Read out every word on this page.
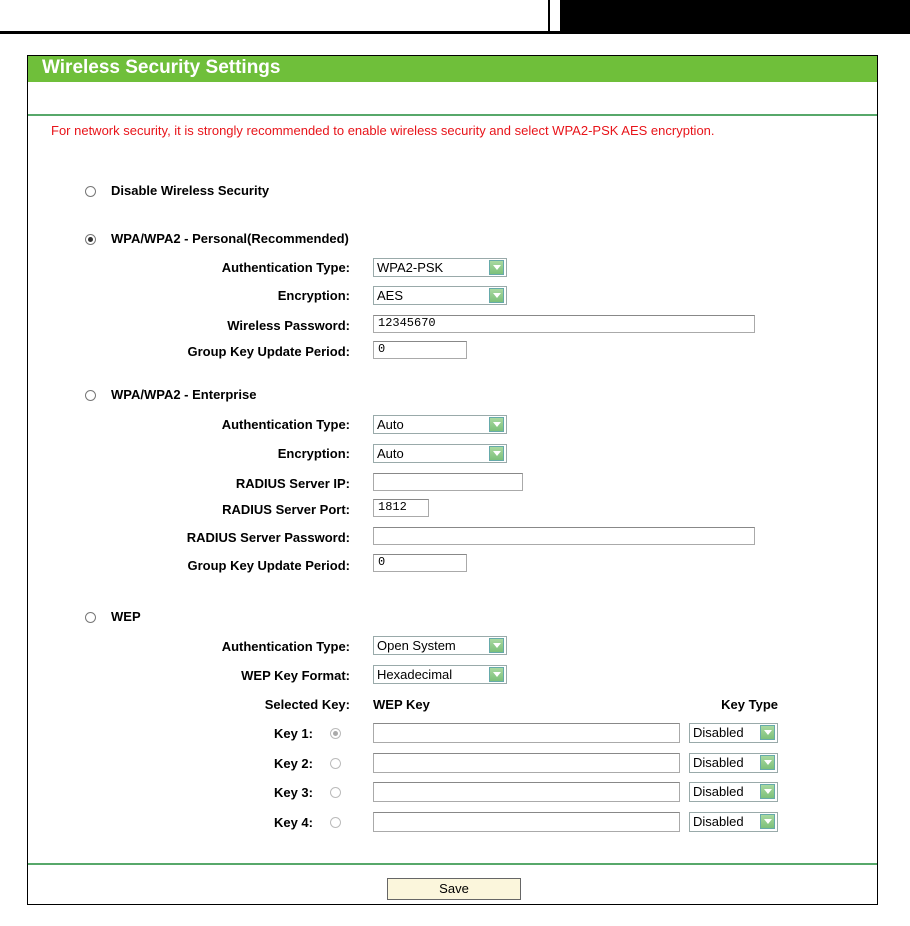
Wireless Security Settings
For network security, it is strongly recommended to enable wireless security and select WPA2-PSK AES encryption.
Disable Wireless Security
WPA/WPA2 - Personal(Recommended)
Authentication Type:	WPA2-PSK
Encryption:	AES
Wireless Password:	12345670
Group Key Update Period:	0
WPA/WPA2 - Enterprise
Authentication Type:	Auto
Encryption:	Auto
RADIUS Server IP:
RADIUS Server Port:	1812
RADIUS Server Password:
Group Key Update Period:	0
WEP
Authentication Type:	Open System
WEP Key Format:	Hexadecimal
Selected Key: WEP Key	Key Type
Key 1:	Disabled
Key 2:	Disabled
Key 3:	Disabled
Key 4:	Disabled
Save
